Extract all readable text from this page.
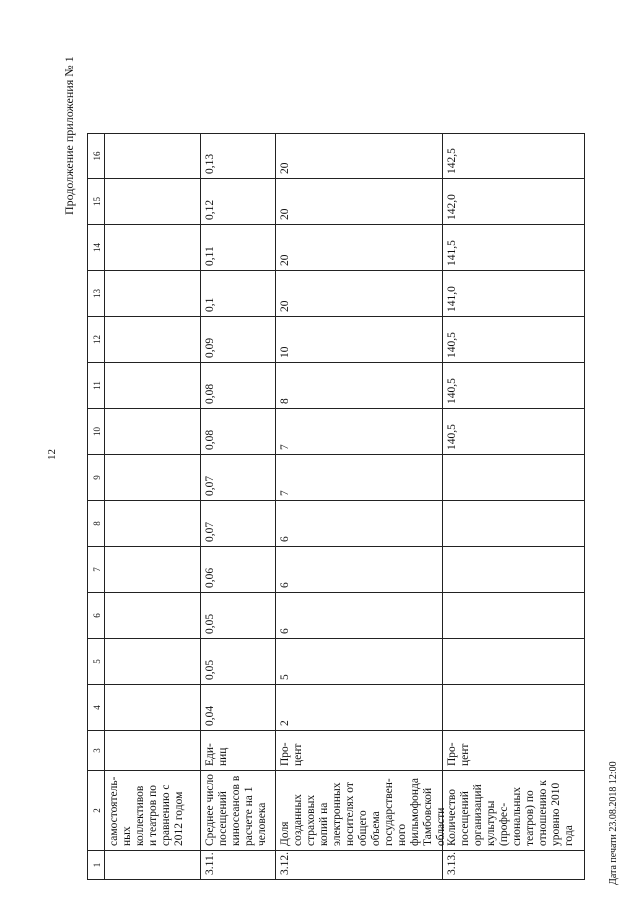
12
Продолжение приложения № 1
Дата печати 23.08.2018 12:00
1
2
3
4
5
6
7
8
9
10
11
12
13
14
15
16
самостоятель-
ных коллективов
и театров по
сравнению с
2012 годом
3.11.
Среднее число
посещений
киносеансов в
расчете на 1
человека
Еди-
ниц
0,04
0,05
0,05
0,06
0,07
0,07
0,08
0,08
0,09
0,1
0,11
0,12
0,13
3.12.
Доля созданных
страховых
копий на
электронных
носителях от
общего объема
государствен-
ного
фильмофонда
Тамбовской
области
Про-
цент
2
5
6
6
6
7
7
8
10
20
20
20
20
3.13.
Количество
посещений
организаций
культуры
(профес-
сиональных
театров) по
отношению к
уровню 2010
года
Про-
цент
140,5
140,5
140,5
141,0
141,5
142,0
142,5
